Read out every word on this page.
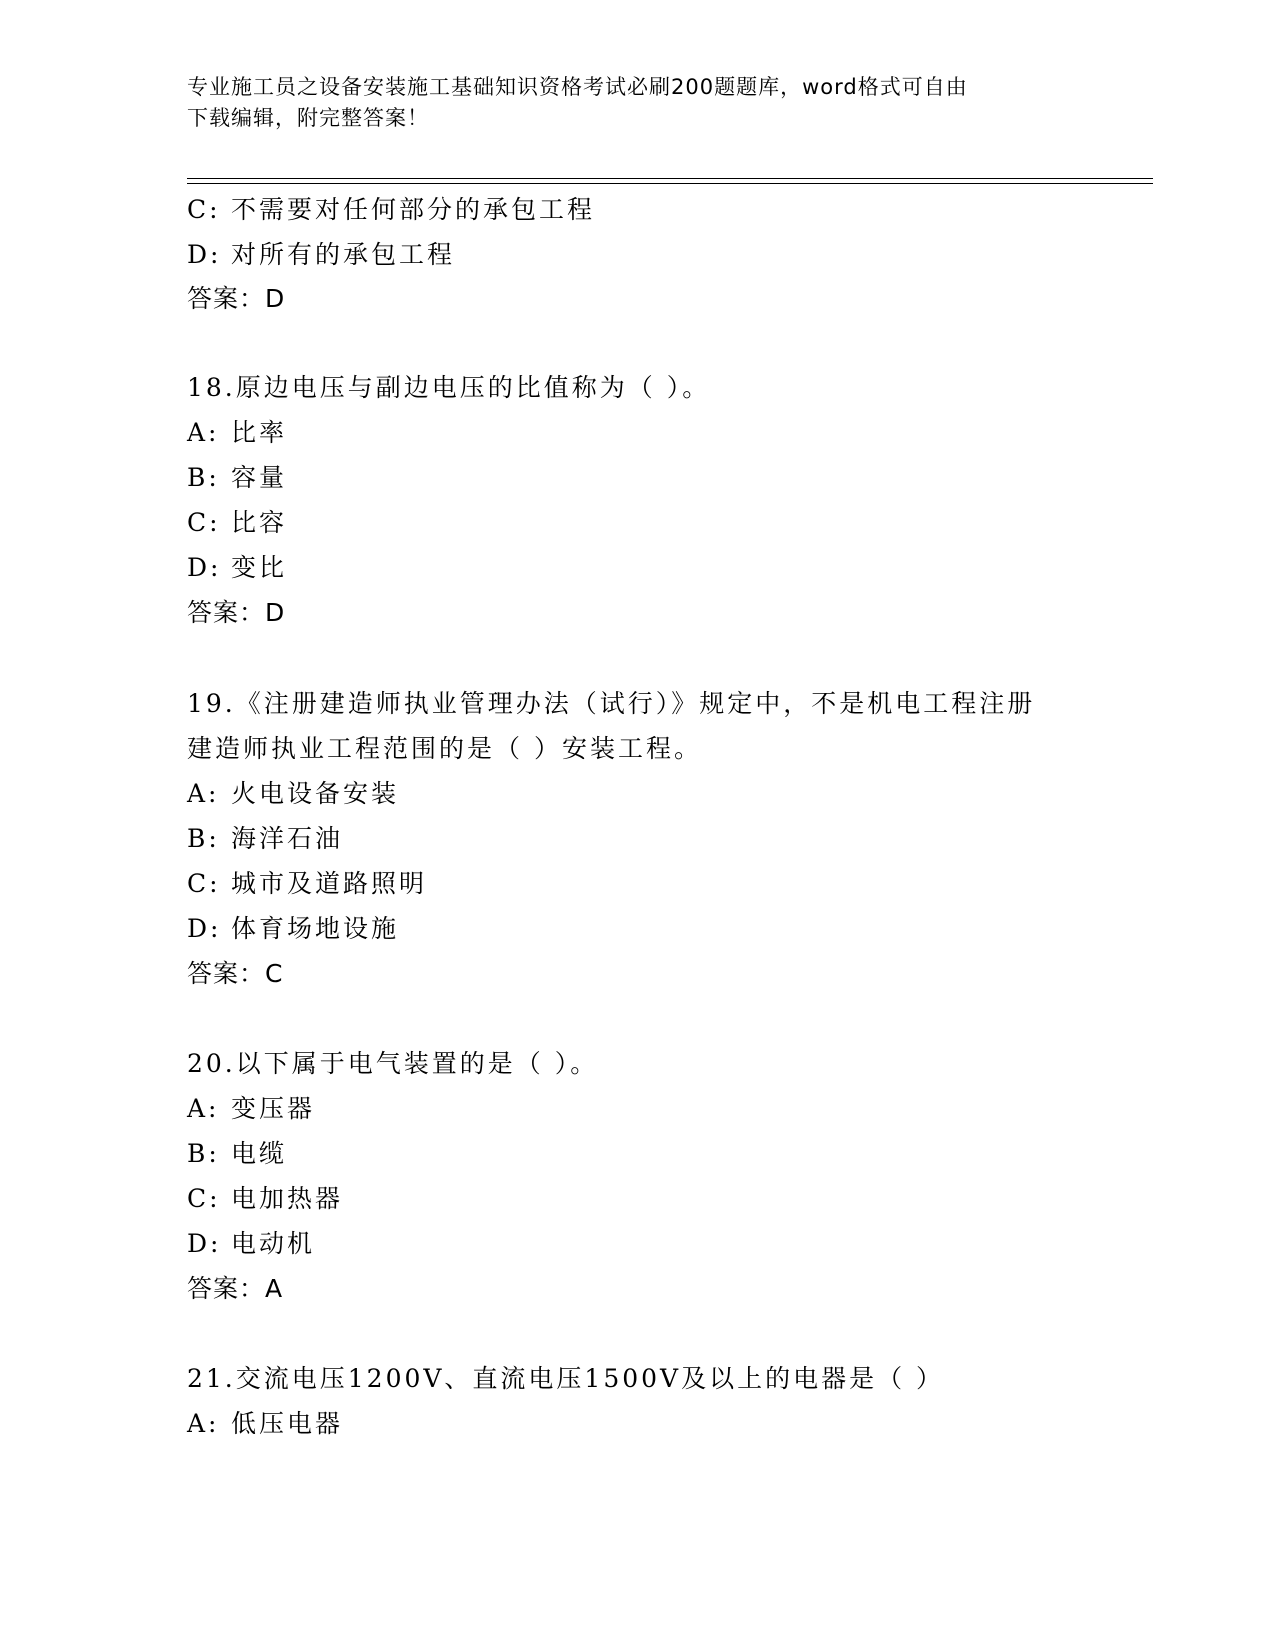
专业施工员之设备安装施工基础知识资格考试必刷200题题库，word格式可自由
下载编辑，附完整答案！
C: 不需要对任何部分的承包工程
D: 对所有的承包工程
答案：D
18.原边电压与副边电压的比值称为（ ）。
A: 比率
B: 容量
C: 比容
D: 变比
答案：D
19.《注册建造师执业管理办法（试行）》规定中，不是机电工程注册
建造师执业工程范围的是（ ）安装工程。
A: 火电设备安装
B: 海洋石油
C: 城市及道路照明
D: 体育场地设施
答案：C
20.以下属于电气装置的是（ ）。
A: 变压器
B: 电缆
C: 电加热器
D: 电动机
答案：A
21.交流电压1200V、直流电压1500V及以上的电器是（ ）
A: 低压电器
